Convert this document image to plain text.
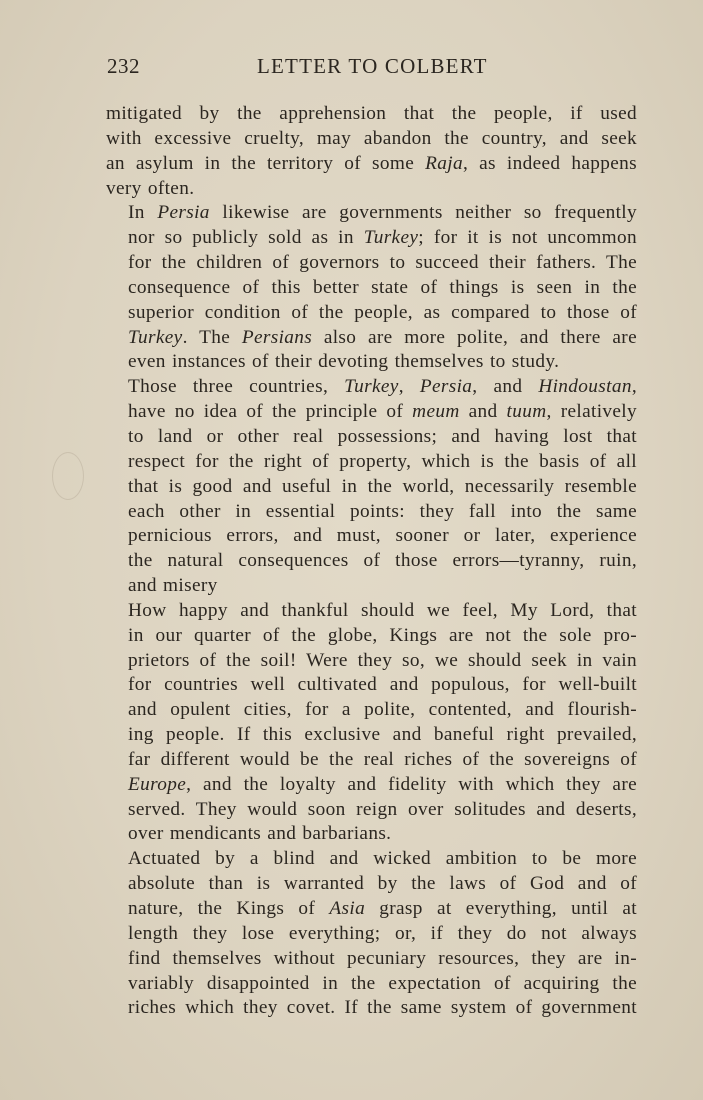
232	LETTER TO COLBERT

mitigated by the apprehension that the people, if used
with excessive cruelty, may abandon the country, and seek
an asylum in the territory of some Raja, as indeed happens
very often.

In Persia likewise are governments neither so frequently
nor so publicly sold as in Turkey; for it is not uncommon
for the children of governors to succeed their fathers. The
consequence of this better state of things is seen in the
superior condition of the people, as compared to those of
Turkey. The Persians also are more polite, and there are
even instances of their devoting themselves to study.

Those three countries, Turkey, Persia, and Hindoustan,
have no idea of the principle of meum and tuum, relatively
to land or other real possessions; and having lost that
respect for the right of property, which is the basis of all
that is good and useful in the world, necessarily resemble
each other in essential points: they fall into the same
pernicious errors, and must, sooner or later, experience
the natural consequences of those errors—tyranny, ruin,
and misery

How happy and thankful should we feel, My Lord, that
in our quarter of the globe, Kings are not the sole pro-
prietors of the soil! Were they so, we should seek in vain
for countries well cultivated and populous, for well-built
and opulent cities, for a polite, contented, and flourish-
ing people. If this exclusive and baneful right prevailed,
far different would be the real riches of the sovereigns of
Europe, and the loyalty and fidelity with which they are
served. They would soon reign over solitudes and deserts,
over mendicants and barbarians.

Actuated by a blind and wicked ambition to be more
absolute than is warranted by the laws of God and of
nature, the Kings of Asia grasp at everything, until at
length they lose everything; or, if they do not always
find themselves without pecuniary resources, they are in-
variably disappointed in the expectation of acquiring the
riches which they covet. If the same system of government
